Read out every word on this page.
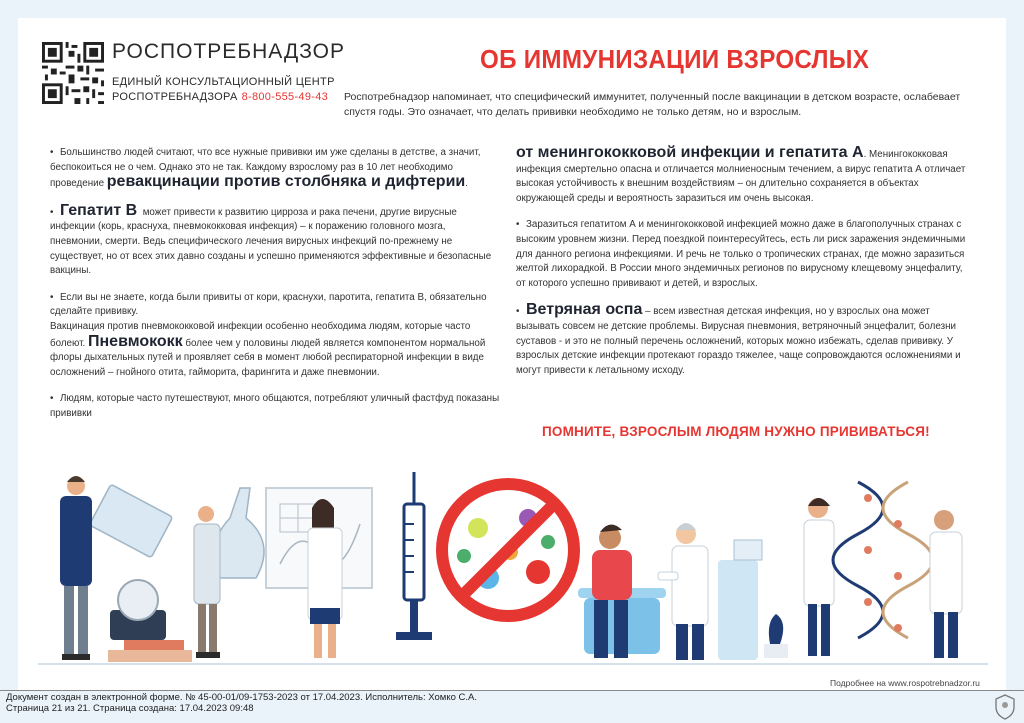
РОСПОТРЕБНАДЗОР
ЕДИНЫЙ КОНСУЛЬТАЦИОННЫЙ ЦЕНТР
РОСПОТРЕБНАДЗОРА 8-800-555-49-43
ОБ ИММУНИЗАЦИИ ВЗРОСЛЫХ
Роспотребнадзор напоминает, что специфический иммунитет, полученный после вакцинации в детском возрасте, ослабевает спустя годы. Это означает, что делать прививки необходимо не только детям, но и взрослым.

• Большинство людей считают, что все нужные прививки им уже сделаны в детстве, а значит, беспокоиться не о чем. Однако это не так. Каждому взрослому раз в 10 лет необходимо проведение ревакцинации против столбняка и дифтерии.

• Гепатит В может привести к развитию цирроза и рака печени, другие вирусные инфекции (корь, краснуха, пневмококковая инфекция) – к поражению головного мозга, пневмонии, смерти. Ведь специфического лечения вирусных инфекций по-прежнему не существует, но от всех этих давно созданы и успешно применяются эффективные и безопасные вакцины.

• Если вы не знаете, когда были привиты от кори, краснухи, паротита, гепатита В, обязательно сделайте прививку.

Вакцинация против пневмококковой инфекции особенно необходима людям, которые часто болеют. Пневмококк более чем у половины людей является компонентом нормальной флоры дыхательных путей и проявляет себя в момент любой респираторной инфекции в виде осложнений – гнойного отита, гайморита, фарингита и даже пневмонии.

• Людям, которые часто путешествуют, много общаются, потребляют уличный фастфуд показаны прививки

от менингококковой инфекции и гепатита А. Менингококковая инфекция смертельно опасна и отличается молниеносным течением, а вирус гепатита А отличает высокая устойчивость к внешним воздействиям – он длительно сохраняется в объектах окружающей среды и вероятность заразиться им очень высокая.

• Заразиться гепатитом А и менингококковой инфекцией можно даже в благополучных странах с высоким уровнем жизни. Перед поездкой поинтересуйтесь, есть ли риск заражения эндемичными для данного региона инфекциями. И речь не только о тропических странах, где можно заразиться желтой лихорадкой. В России много эндемичных регионов по вирусному клещевому энцефалиту, от которого успешно прививают и детей, и взрослых.

• Ветряная оспа – всем известная детская инфекция, но у взрослых она может вызывать совсем не детские проблемы. Вирусная пневмония, ветряночный энцефалит, болезни суставов - и это не полный перечень осложнений, которых можно избежать, сделав прививку. У взрослых детские инфекции протекают гораздо тяжелее, чаще сопровождаются осложнениями и могут привести к летальному исходу.

ПОМНИТЕ, ВЗРОСЛЫМ ЛЮДЯМ НУЖНО ПРИВИВАТЬСЯ!
Подробнее на www.rospotrebnadzor.ru
Документ создан в электронной форме. № 45-00-01/09-1753-2023 от 17.04.2023. Исполнитель: Хомко С.А.
Страница 21 из 21. Страница создана: 17.04.2023 09:48
